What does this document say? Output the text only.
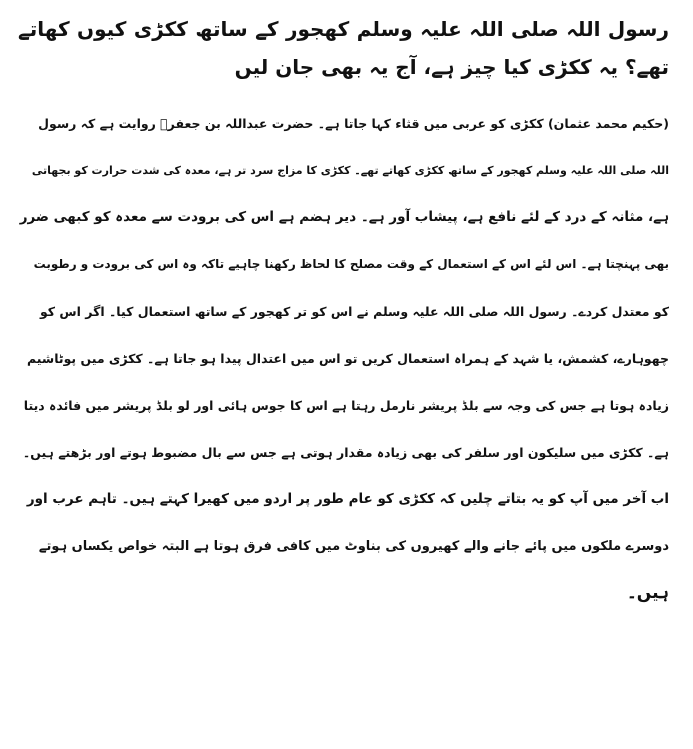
رسول اللہ صلی اللہ علیہ وسلم کھجور کے ساتھ ککڑی کیوں کھاتے تھے؟ یہ ککڑی کیا چیز ہے، آج یہ بھی جان لیں

(حکیم محمد عثمان) ککڑی کو عربی میں قثاء کہا جاتا ہے۔ حضرت عبداللہ بن جعفرؓ روایت ہے کہ رسول

اللہ صلی اللہ علیہ وسلم کھجور کے ساتھ ککڑی کھاتے تھے۔ ککڑی کا مزاج سرد تر ہے، معدہ کی شدت حرارت کو بجھاتی

ہے، مثانہ کے درد کے لئے نافع ہے، پیشاب آور ہے۔ دیر ہضم ہے اس کی برودت سے معدہ کو کبھی ضرر

بھی پہنچتا ہے۔ اس لئے اس کے استعمال کے وقت مصلح کا لحاظ رکھنا چاہیے تاکہ وہ اس کی برودت و رطوبت

کو معتدل کردے۔ رسول اللہ صلی اللہ علیہ وسلم نے اس کو تر کھجور کے ساتھ استعمال کیا۔ اگر اس کو

چھوہارے، کشمش، یا شہد کے ہمراہ استعمال کریں تو اس میں اعتدال پیدا ہو جاتا ہے۔ ککڑی میں پوٹاشیم

زیادہ ہوتا ہے جس کی وجہ سے بلڈ پریشر نارمل رہتا ہے اس کا جوس ہائی اور لو بلڈ پریشر میں فائدہ دیتا

ہے۔ ککڑی میں سلیکون اور سلفر کی بھی زیادہ مقدار ہوتی ہے جس سے بال مضبوط ہوتے اور بڑھتے ہیں۔

اب آخر میں آپ کو یہ بتاتے چلیں کہ ککڑی کو عام طور پر اردو میں کھیرا کہتے ہیں۔ تاہم عرب اور

دوسرے ملکوں میں پائے جانے والے کھیروں کی بناوٹ میں کافی فرق ہوتا ہے البتہ خواص یکساں ہوتے

ہیں۔
